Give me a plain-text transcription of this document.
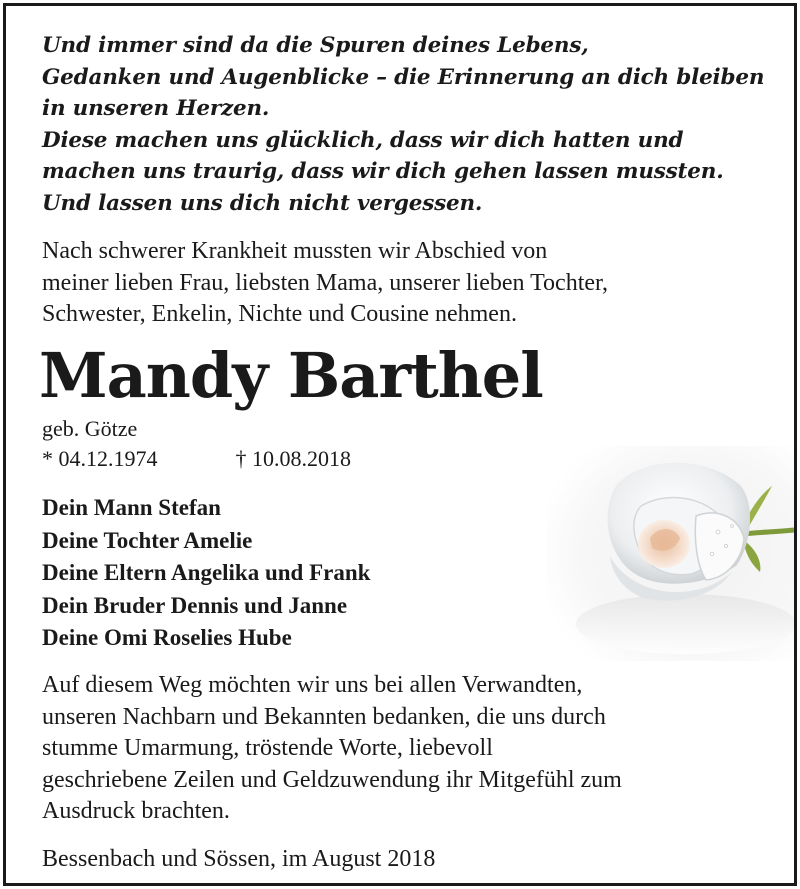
Und immer sind da die Spuren deines Lebens,
Gedanken und Augenblicke – die Erinnerung an dich bleiben
in unseren Herzen.
Diese machen uns glücklich, dass wir dich hatten und
machen uns traurig, dass wir dich gehen lassen mussten.
Und lassen uns dich nicht vergessen.
Nach schwerer Krankheit mussten wir Abschied von
meiner lieben Frau, liebsten Mama, unserer lieben Tochter,
Schwester, Enkelin, Nichte und Cousine nehmen.
Mandy Barthel
geb. Götze
* 04.12.1974	† 10.08.2018
Dein Mann Stefan
Deine Tochter Amelie
Deine Eltern Angelika und Frank
Dein Bruder Dennis und Janne
Deine Omi Roselies Hube
Auf diesem Weg möchten wir uns bei allen Verwandten,
unseren Nachbarn und Bekannten bedanken, die uns durch
stumme Umarmung, tröstende Worte, liebevoll
geschriebene Zeilen und Geldzuwendung ihr Mitgefühl zum
Ausdruck brachten.
Bessenbach und Sössen, im August 2018
